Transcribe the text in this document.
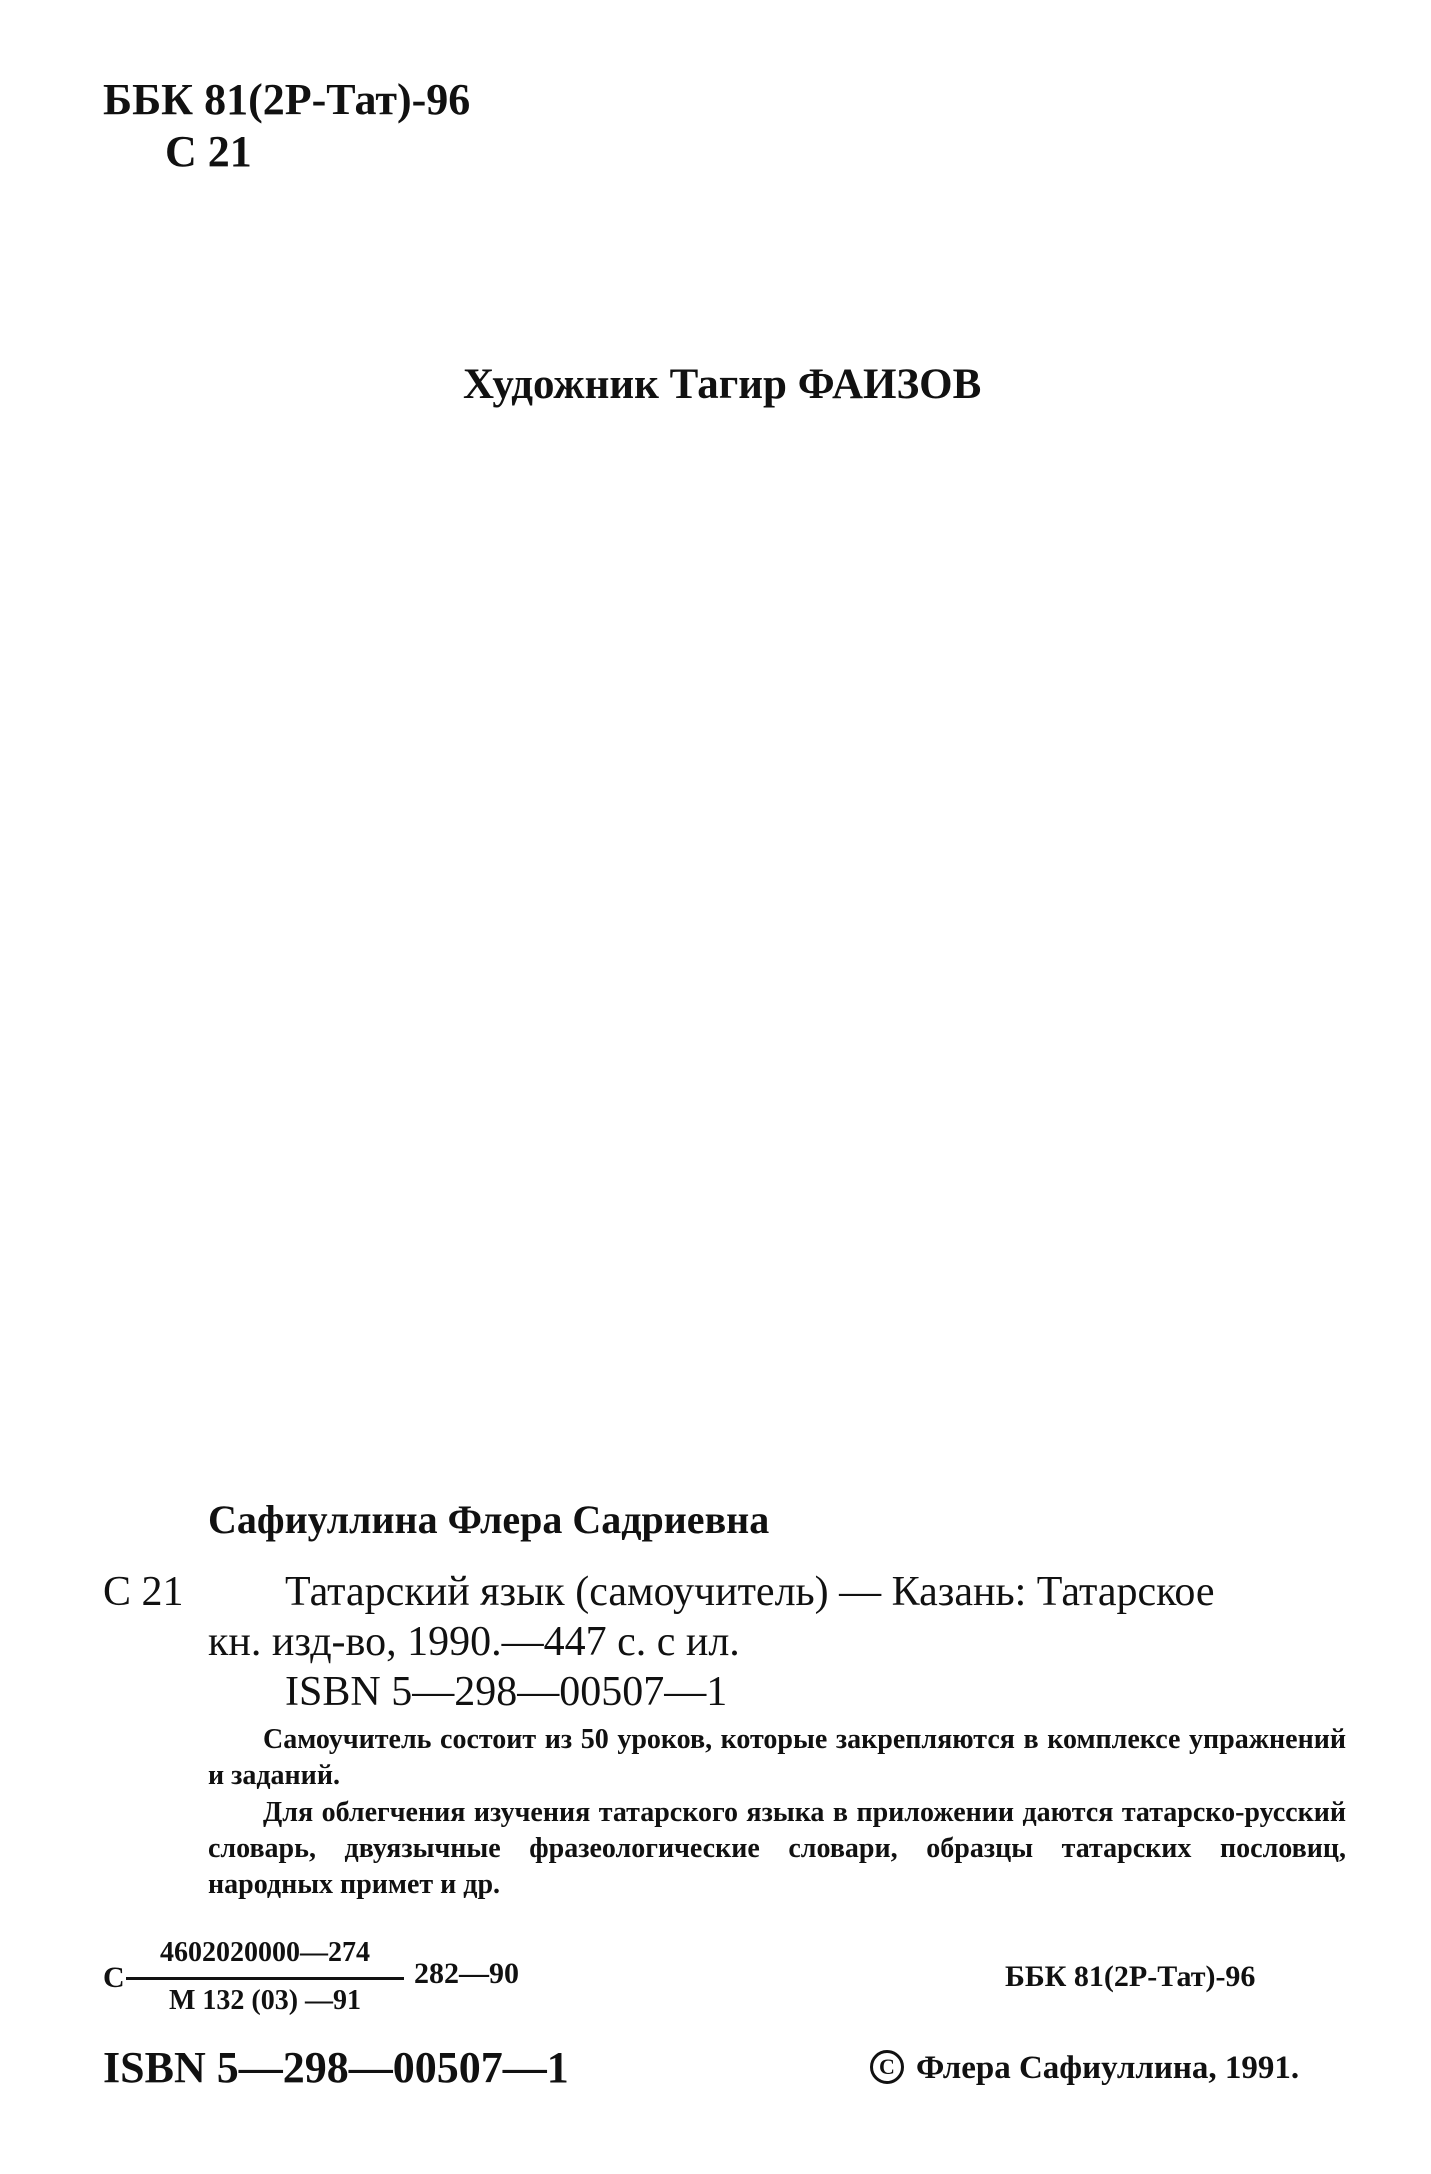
ББК 81(2Р-Тат)-96
С 21
Художник Тагир ФАИЗОВ
Сафиуллина Флера Садриевна
С 21 Татарский язык (самоучитель) — Казань: Татарское
кн. изд-во, 1990.—447 с. с ил.
ISBN 5—298—00507—1
Самоучитель состоит из 50 уроков, которые закрепляются в комплексе упражнений и заданий.
Для облегчения изучения татарского языка в приложении даются татарско-русский словарь, двуязычные фразеологические словари, образцы татарских пословиц, народных примет и др.
С
4602020000—274
М 132 (03) —91
282—90	ББК 81(2Р-Тат)-96
ISBN 5—298—00507—1	C Флера Сафиуллина, 1991.
